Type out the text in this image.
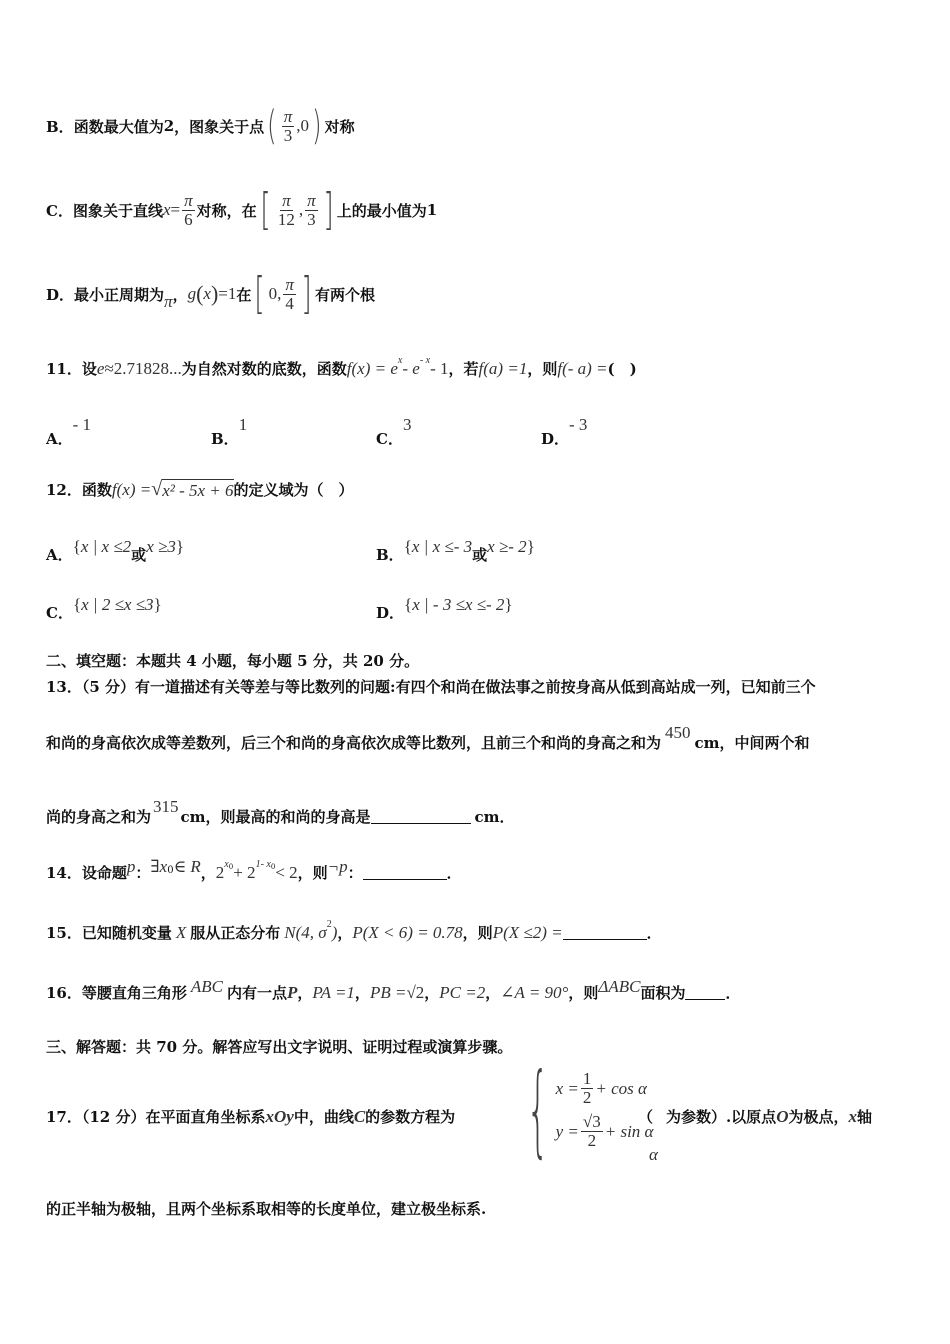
B． 函数最大值为 2 ，图象关于点 ( $\frac{\pi}{3}$ , 0 ) 对称
C． 图象关于直线 $x = \frac{\pi}{6}$ 对称，在 [ $\frac{\pi}{12}$ , $\frac{\pi}{3}$ ] 上的最小值为 1
D． 最小正周期为 π ， g ( x ) =1 在 [ 0 , $\frac{\pi}{4}$ ] 有两个根
11． 设 e ≈2.71828... 为自然对数的底数，函数 f(x) = e x - e - x - 1 ，若 f(a) =1 ，则 f(- a) = (　)
A．
- 1
B．
1
C．
3
D．
- 3
12． 函数 f(x) = √ x² - 5x + 6 的定义域为（　）
A． { x | x ≤2 或 x ≥3 }	B． { x | x ≤- 3 或 x ≥- 2 }
C． { x | 2 ≤x ≤3 }	D． { x | - 3 ≤x ≤- 2 }
二、填空题：本题共 4 小题，每小题 5 分，共 20 分。
13．（5 分）有一道描述有关等差与等比数列的问题:有四个和尚在做法事之前按身高从低到高站成一列，已知前三个
和尚的身高依次成等差数列，后三个和尚的身高依次成等比数列，且前三个和尚的身高之和为
450
cm，中间两个和
尚的身高之和为
315
cm，则最高的和尚的身高是	cm．
14． 设命题 p ： ∃x 0 ∈ R ， 2 x 0 + 2 1- x 0 < 2 ，则 ¬p ：	．
15． 已知随机变量 X 服从正态分布 N(4, σ 2 ) ， P(X < 6) = 0.78 ，则 P(X ≤2) =	．
16． 等腰直角三角形 ABC 内有一点 P ， PA =1 ， PB = √2 ， PC =2 ， ∠A = 90° ，则 ΔABC 面积为	．
三、解答题：共 70 分。解答应写出文字说明、证明过程或演算步骤。
17．（12 分）在平面直角坐标系 xOy 中，曲线 C 的参数方程为 { $x = \frac{1}{2} + \cos \alpha$
$y = \frac{√3}{2} + \sin \alpha$
（
α
为参数）.以原点 O 为极点， x 轴
的正半轴为极轴，且两个坐标系取相等的长度单位，建立极坐标系.
